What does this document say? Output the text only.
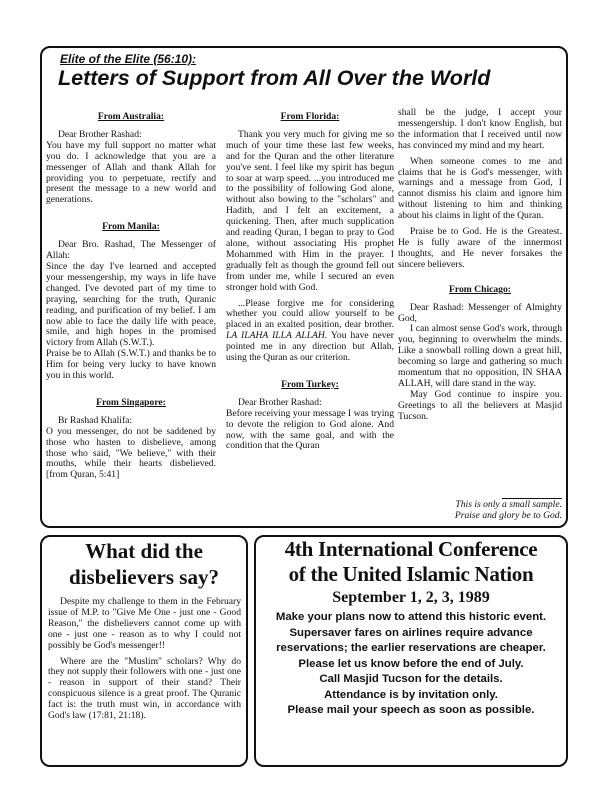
Elite of the Elite (56:10):
Letters of Support from All Over the World

From Australia:

Dear Brother Rashad:

You have my full support no matter what you do. I acknowledge that you are a messenger of Allah and thank Allah for providing you to perpetuate, rectify and present the message to a new world and generations.

From Manila:

Dear Bro. Rashad, The Messenger of Allah:

Since the day I've learned and accepted your messengership, my ways in life have changed. I've devoted part of my time to praying, searching for the truth, Quranic reading, and purification of my belief. I am now able to face the daily life with peace, smile, and high hopes in the promised victory from Allah (S.W.T.).

Praise be to Allah (S.W.T.) and thanks be to Him for being very lucky to have known you in this world.

From Singapore:

Br Rashad Khalifa:

O you messenger, do not be saddened by those who hasten to disbelieve, among those who said, "We believe," with their mouths, while their hearts disbelieved. [from Quran, 5:41]

From Florida:

Thank you very much for giving me so much of your time these last few weeks, and for the Quran and the other literature you've sent. I feel like my spirit has begun to soar at warp speed. ...you introduced me to the possibility of following God alone, without also bowing to the "scholars" and Hadith, and I felt an excitement, a quickening. Then, after much supplication and reading Quran, I began to pray to God alone, without associating His prophet Mohammed with Him in the prayer. I gradually felt as though the ground fell out from under me, while I secured an even stronger hold with God.

...Please forgive me for considering whether you could allow yourself to be placed in an exalted position, dear brother. LA ILAHA ILLA ALLAH. You have never pointed me in any direction but Allah, using the Quran as our criterion.

From Turkey:

Dear Brother Rashad:

Before receiving your message I was trying to devote the religion to God alone. And now, with the same goal, and with the condition that the Quran

shall be the judge, I accept your messengership. I don't know English, but the information that I received until now has convinced my mind and my heart.

When someone comes to me and claims that he is God's messenger, with warnings and a message from God, I cannot dismiss his claim and ignore him without listening to him and thinking about his claims in light of the Quran.

Praise be to God. He is the Greatest. He is fully aware of the innermost thoughts, and He never forsakes the sincere believers.

From Chicago:

Dear Rashad: Messenger of Almighty God,

I can almost sense God's work, through you, beginning to overwhelm the minds. Like a snowball rolling down a great hill, becoming so large and gathering so much momentum that no opposition, IN SHAA ALLAH, will dare stand in the way.

May God continue to inspire you. Greetings to all the believers at Masjid Tucson.

This is only a small sample.
Praise and glory be to God.
What did the
disbelievers say?

Despite my challenge to them in the February issue of M.P. to "Give Me One - just one - Good Reason," the disbelievers cannot come up with one - just one - reason as to why I could not possibly be God's messenger!!

Where are the "Muslim" scholars? Why do they not supply their followers with one - just one - reason in support of their stand? Their conspicuous silence is a great proof. The Quranic fact is: the truth must win, in accordance with God's law (17:81, 21:18).

4th International Conference
of the United Islamic Nation
September 1, 2, 3, 1989
Make your plans now to attend this historic event.
Supersaver fares on airlines require advance
reservations; the earlier reservations are cheaper.
Please let us know before the end of July.
Call Masjid Tucson for the details.
Attendance is by invitation only.
Please mail your speech as soon as possible.
